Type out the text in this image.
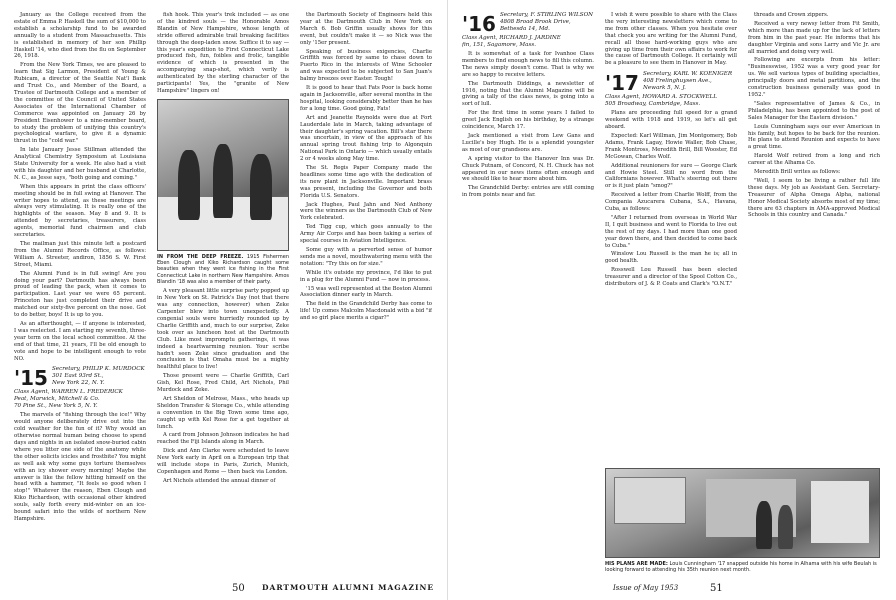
January as the College received from the estate of Emma P. Haskell the sum of $10,000 to establish a scholarship fund to be awarded annually to a student from Massachusetts. This is established in memory of her son Phillip Haskell '14, who died from the flu on September 26, 1918.

From the New York Times, we are pleased to learn that Sig Larmon, President of Young & Rubicam, a director of the Seattle Nat'l Bank and Trust Co., and Member of the Board, a Trustee of Dartmouth College and a member of the committee of the Council of United States Associates of the International Chamber of Commerce was appointed on January 26 by President Eisenhower to a nine-member board, to study the problem of unifying this country's psychological warfare, to give it a dynamic thrust in the "cold war."

In late January Jesse Stillman attended the Analytical Chemistry Symposium at Louisiana State University for a week. He also had a visit with his daughter and her husband at Charlotte, N. C., as Jesse says, "both going and coming."

When this appears in print the class officers' meeting should be in full swing at Hanover. The writer hopes to attend, as these meetings are always very stimulating. It is really one of the highlights of the season. May 8 and 9. It is attended by secretaries, treasurers, class agents, memorial fund chairmen and club secretaries.

The mailman just this minute left a postcard from the Alumni Records Office, as follows: William A. Streeter, andiron, 1856 S. W. First Street, Miami.

The Alumni Fund is in full swing! Are you doing your part? Dartmouth has always been proud of leading the pack, when it comes to participation. Last year we were 65 percent. Princeton has just completed their drive and matched our sixty-five percent on the nose. Got to do better, boys! It is up to you.

As an afterthought, — if anyone is interested, I was reelected. I am starting my seventh, three-year term on the local school committee. At the end of that time, 21 years, I'll be old enough to vote and hope to be intelligent enough to vote NO.

'15 Secretary, PHILIP K. MURDOCK
301 East 93rd St.,
New York 22, N. Y.
Class Agent, WARREN L. FREDERICK
Peat, Marwick, Mitchell & Co.
70 Pine St., New York 5, N. Y.

The marvels of "fishing through the ice!" Why would anyone deliberately drive out into the cold weather for the fun of it? Why would an otherwise normal human being choose to spend days and nights in an isolated snow-buried cabin where you litter one side of the anatomy while the other solicits icicles and frostbite? You might as well ask why some guys torture themselves with an icy shower every morning! Maybe the answer is like the fellow hitting himself on the head with a hammer, "It feels so good when I stop!" Whatever the reason, Eben Clough and Kiko Richardson, with occasional other kindred souls, sally forth every mid-winter on an ice-bound safari into the wilds of northern New Hampshire.

fish hook. This year's trek included — as one of the kindred souls — the Honorable Amos Blandin of New Hampshire, whose length of stride offered admirable trail breaking facilities through the deep-laden snow. Suffice it to say — this year's expedition to First Connecticut Lake produced fish, fun, foibles and frolic, tangible evidence of which is presented in the accompanying snap-shot, which verily is authenticated by the sterling character of the participants! Yes, the "granite of New Hampshire" lingers on!

IN FROM THE DEEP FREEZE. 1915 Fishermen Eben Clough and Kiko Richardson caught some beauties when they went ice fishing in the First Connecticut Lake in northern New Hampshire. Amos Blandin '18 was also a member of their party.

A very pleasant little surprise party popped up in New York on St. Patrick's Day (not that there was any connection, however) when Zeke Carpenter blew into town unexpectedly. A congenial souls were hurriedly rounded up by Charlie Griffith and, much to our surprise, Zeke took over as luncheon host at the Dartmouth Club. Like most impromptu gatherings, it was indeed a heartwarming reunion. Your scribe hadn't seen Zeke since graduation and the conclusion is that Omaha must be a mighty healthful place to live!

Those present were — Charlie Griffith, Carl Gish, Kel Rose, Fred Child, Art Nichols, Phil Murdock and Zeke.

Art Sheldon of Melrose, Mass., who heads up Sheldon Transfer & Storage Co., while attending a convention in the Big Town some time ago, caught up with Kel Rose for a get together at lunch.

A card from Johnson Johnson indicates he had reached the Fiji Islands along in March.

Dick and Ann Clarke were scheduled to leave New York early in April on a European trip that will include stops in Paris, Zurich, Munich, Copenhagen and Rome — then back via London.

Art Nichols attended the annual dinner of

the Dartmouth Society of Engineers held this year at the Dartmouth Club in New York on March 6. Bob Griffin usually shows for this event, but couldn't make it — so Nick was the only '15er present.

Speaking of business exigencies, Charlie Griffith was forced by same to chase down to Puerto Rico in the interests of Wine Schooler and was expected to be subjected to San Juan's balmy breezes over Easter. Tough!

It is good to hear that Fats Poor is back home again in Jacksonville, after several months in the hospital, looking considerably better than he has for a long time. Good going, Fats!

Art and Jeanette Reynolds were due at Fort Lauderdale late in March, taking advantage of their daughter's spring vacation. Bill's star there was uncertain, in view of the approach of his annual spring trout fishing trip to Algonquin National Park in Ontario — which usually entails 2 or 4 weeks along May time.

The St. Regis Paper Company made the headlines some time ago with the dedication of its new plant in Jacksonville. Important brass was present, including the Governor and both Florida U.S. Senators.

Jack Hughes, Paul Jahn and Ned Anthony were the winners as the Dartmouth Club of New York celebrated.

Ted Tigg cup, which goes annually to the Army Air Corps and has been taking a series of special courses in Aviation Intelligence.

Some guy with a perverted sense of humor sends me a novel, mouthwatering menu with the notation: "Try this on for size."

While it's outside my province, I'd like to put in a plug for the Alumni Fund — now in process.

'15 was well represented at the Boston Alumni Association dinner early in March.

The field in the Grandchild Derby has come to life! Up comes Malcolm Macdonald with a bid "if and so girl place merits a cigar?"

50 DARTMOUTH ALUMNI MAGAZINE
'16 Secretary, F. STIRLING WILSON
4808 Broad Brook Drive,
Bethesda 14, Md.
Class Agent, RICHARD J. JARDINE
fin, 151, Sagamore, Mass.

It is somewhat of a task for Ivanhoe Class members to find enough news to fill this column. The news simply doesn't come. That is why we are so happy to receive letters.

The Dartmouth Diddings, a newsletter of 1916, noting that the Alumni Magazine will be giving a tally of the class news, is going into a sort of lull.

For the first time in some years I failed to greet Jack English on his birthday, by a strange coincidence, March 17.

Jack mentioned a visit from Lew Gans and Lucille's boy Hugh. He is a splendid youngster as most of our grandsons are.

A spring visitor to the Hanover Inn was Dr. Chuck Putnam, of Concord, N. H. Chuck has not appeared in our news items often enough and we should like to hear more about him.

The Grandchild Derby: entries are still coming in from points near and far.

I wish it were possible to share with the Class the very interesting newsletters which come to me from other classes. When you hesitate over that check you are writing for the Alumni Fund, recall all those hard-working guys who are giving up time from their own affairs to work for the cause of Dartmouth College. It certainly will be a pleasure to see them in Hanover in May.

'17 Secretary, KARL W. KOENIGER
408 Frelinghuysen Ave.,
Newark 5, N. J.
Class Agent, HOWARD A. STOCKWELL
505 Broadway, Cambridge, Mass.

Plans are proceeding full speed for a grand weekend with 1918 and 1919, so let's all get aboard.

Expected: Karl Willman, Jim Montgomery, Bob Adams, Frank Lagay, Howie Waller, Bob Chase, Frank Montross, Meredith Brill, Bill Wooster, Ed McGowan, Charles Wolf.

Additional reunioners for sure — George Clark and Howie Steel. Still no word from the Californians however. What's steering out there or is it just plain "smog?"

Received a letter from Charlie Wolff, from the Compania Azucarera Cubana, S.A., Havana, Cuba, as follows:

"After I returned from overseas in World War II, I quit business and went to Florida to live out the rest of my days. I had more than one good year down there, and then decided to come back to Cuba."

Winslow Lou Russell is the man he is; all in good health.

Rosswell Lou Russell has been elected treasurer and a director of the Spool Cotton Co., distributors of J. & P. Coats and Clark's "O.N.T."

threads and Crown zippers.

Received a very newsy letter from Fit Smith, which more than made up for the lack of letters from him in the past year. He informs that his daughter Virginia and sons Larry and Vic Jr. are all married and doing very well.

Following are excerpts from his letter: "Businesswise, 1952 was a very good year for us. We sell various types of building specialties, principally doors and metal partitions, and the construction business generally was good in 1952."

"Sales representative of James & Co., in Philadelphia, has been appointed to the post of Sales Manager for the Eastern division."

Louis Cunningham says our ever American in his family, but hopes to be back for the reunion. He plans to attend Reunion and expects to have a great time.

Harold Wolf retired from a long and rich career at the Alhama Co.

Meredith Brill writes as follows:

"Well, I seem to be living a rather full life these days. My job as Assistant Gen. Secretary-Treasurer of Alpha Omega Alpha, national Honor Medical Society absorbs most of my time; there are 63 chapters in AMA-approved Medical Schools in this country and Canada."

HIS PLANS ARE MADE: Louis Cunningham '17 snapped outside his home in Alhama with his wife Beulah is looking forward to attending his 35th reunion next month.
Issue of May 1953	51
